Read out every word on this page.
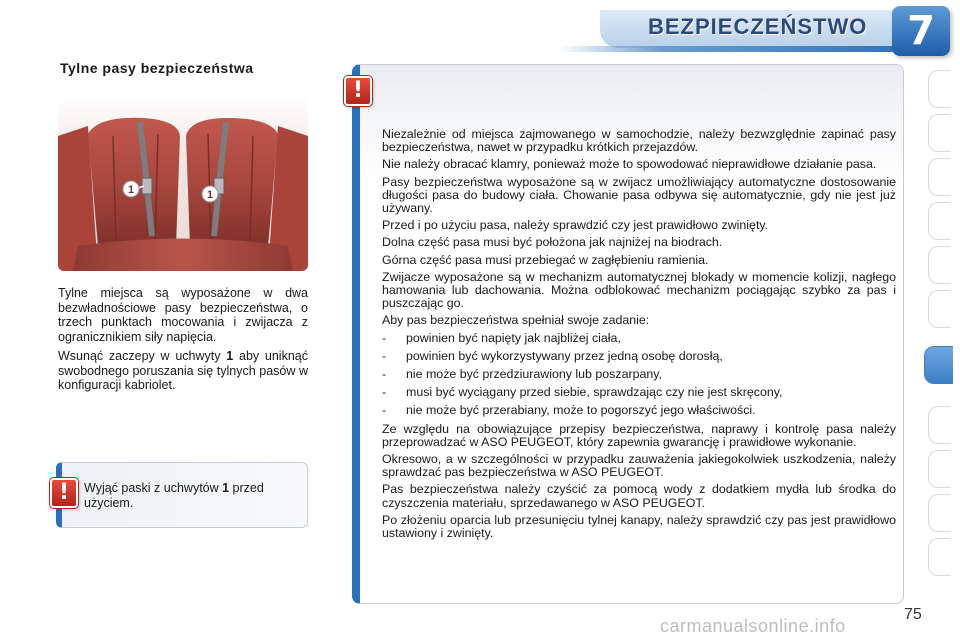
BEZPIECZEŃSTWO 7
Tylne pasy bezpieczeństwa
1	1
Tylne miejsca są wyposażone w dwa bezwładnościowe pasy bezpieczeństwa, o trzech punktach mocowania i zwijacza z ogranicznikiem siły napięcia.
Wsunąć zaczepy w uchwyty 1 aby uniknąć swobodnego poruszania się tylnych pasów w konfiguracji kabriolet.
Wyjąć paski z uchwytów 1 przed użyciem.
!
!

Niezależnie od miejsca zajmowanego w samochodzie, należy bezwzględnie zapinać pasy bezpieczeństwa, nawet w przypadku krótkich przejazdów.

Nie należy obracać klamry, ponieważ może to spowodować nieprawidłowe działanie pasa.

Pasy bezpieczeństwa wyposażone są w zwijacz umożliwiający automatyczne dostosowanie długości pasa do budowy ciała. Chowanie pasa odbywa się automatycznie, gdy nie jest już używany.

Przed i po użyciu pasa, należy sprawdzić czy jest prawidłowo zwinięty.

Dolna część pasa musi być położona jak najniżej na biodrach.

Górna część pasa musi przebiegać w zagłębieniu ramienia.

Zwijacze wyposażone są w mechanizm automatycznej blokady w momencie kolizji, nagłego hamowania lub dachowania. Można odblokować mechanizm pociągając szybko za pas i puszczając go.

Aby pas bezpieczeństwa spełniał swoje zadanie:

- powinien być napięty jak najbliżej ciała,
- powinien być wykorzystywany przez jedną osobę dorosłą,
- nie może być przedziurawiony lub poszarpany,
- musi być wyciągany przed siebie, sprawdzając czy nie jest skręcony,
- nie może być przerabiany, może to pogorszyć jego właściwości.

Ze względu na obowiązujące przepisy bezpieczeństwa, naprawy i kontrolę pasa należy przeprowadzać w ASO PEUGEOT, który zapewnia gwarancję i prawidłowe wykonanie.

Okresowo, a w szczególności w przypadku zauważenia jakiegokolwiek uszkodzenia, należy sprawdzać pas bezpieczeństwa w ASO PEUGEOT.

Pas bezpieczeństwa należy czyścić za pomocą wody z dodatkiem mydła lub środka do czyszczenia materiału, sprzedawanego w ASO PEUGEOT.

Po złożeniu oparcia lub przesunięciu tylnej kanapy, należy sprawdzić czy pas jest prawidłowo ustawiony i zwinięty.

75
carmanualsonline.info
